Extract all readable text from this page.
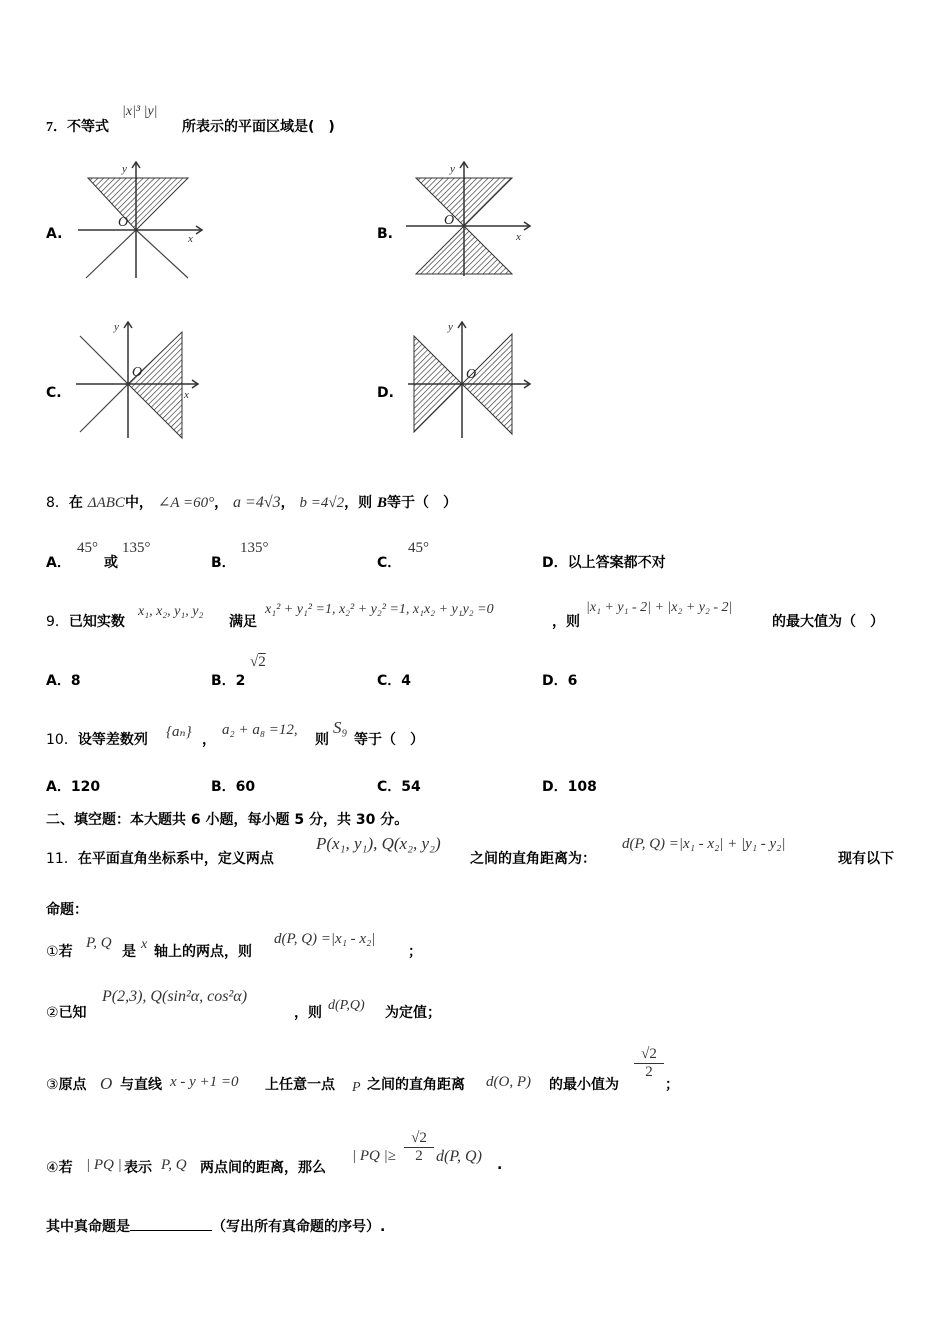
7．不等式
|x|³ |y|
所表示的平面区域是(　)
A.
y
x
O
B.
y
x
O
C.
y
x
O
D.
y
O
8．在 ΔABC中， ∠A =60°， a =4√3， b =4√2，则 B等于（　）
A．
45°
或
135°
B．
135°
C．
45°
D．以上答案都不对
9．已知实数
x₁, x₂, y₁, y₂
满足
x₁² + y₁² =1, x₂² + y₂² =1, x₁x₂ + y₁y₂ =0
，则
|x₁ + y₁ - 2| + |x₂ + y₂ - 2|
的最大值为（　）
A．8	B．2
√2
C．4	D．6
10．设等差数列 {aₙ} ，
a₂ + a₈ =12,
则
S₉
等于（　）
A．120	B．60	C．54	D．108
二、填空题：本大题共 6 小题，每小题 5 分，共 30 分。
11．在平面直角坐标系中，定义两点
P(x₁, y₁), Q(x₂, y₂)
之间的直角距离为：
d(P, Q) =|x₁ - x₂| + |y₁ - y₂|
现有以下
命题：
①若
P, Q
是 x 轴上的两点，则
d(P, Q) =|x₁ - x₂|
；
②已知
P(2,3), Q(sin²α, cos²α)
，则 d(P,Q) 为定值；
③原点 O 与直线 x - y +1 =0 上任意一点 P 之间的直角距离 d(O, P) 的最小值为
$\frac{√2}{2}$
；
④若 | PQ | 表示 P, Q 两点间的距离，那么
| PQ |≥ $\frac{√2}{2} d(P$, Q) .
其中真命题是	（写出所有真命题的序号）.
